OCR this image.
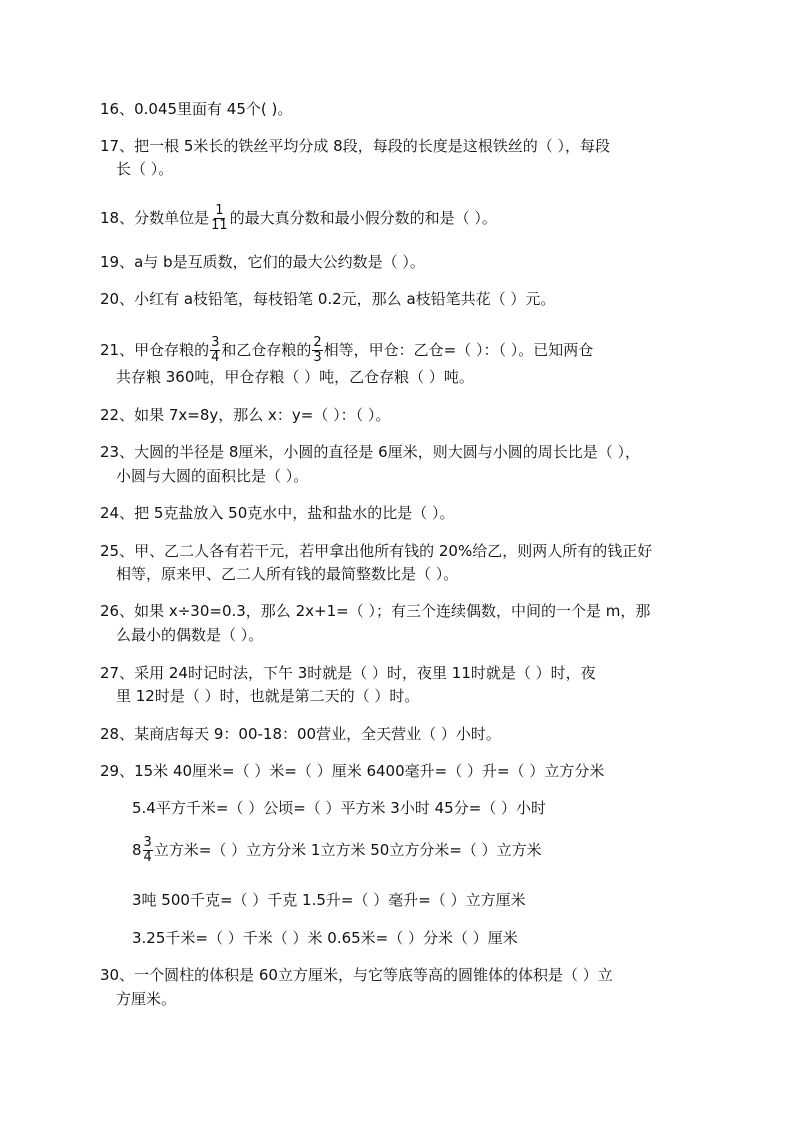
16、0.045里面有 45个( )。
17、把一根 5米长的铁丝平均分成 8段，每段的长度是这根铁丝的（ ），每段
长（ ）。
18、分数单位是 $\frac{1}{11}$ 的最大真分数和最小假分数的和是（ ）。
19、a与 b是互质数，它们的最大公约数是（ ）。
20、小红有 a枝铅笔，每枝铅笔 0.2元，那么 a枝铅笔共花（ ）元。
21、甲仓存粮的 $\frac{3}{4}$ 和乙仓存粮的 $\frac{2}{3}$ 相等，甲仓：乙仓=（ ）：（ ）。已知两仓
共存粮 360吨，甲仓存粮（ ）吨，乙仓存粮（ ）吨。
22、如果 7x=8y，那么 x：y=（ ）：（ ）。
23、大圆的半径是 8厘米，小圆的直径是 6厘米，则大圆与小圆的周长比是（ ），
小圆与大圆的面积比是（ ）。
24、把 5克盐放入 50克水中，盐和盐水的比是（ ）。
25、甲、乙二人各有若干元，若甲拿出他所有钱的 20%给乙，则两人所有的钱正好
相等，原来甲、乙二人所有钱的最简整数比是（ ）。
26、如果 x÷30=0.3，那么 2x+1=（ ）；有三个连续偶数，中间的一个是 m，那
么最小的偶数是（ ）。
27、采用 24时记时法，下午 3时就是（ ）时，夜里 11时就是（ ）时，夜
里 12时是（ ）时，也就是第二天的（ ）时。
28、某商店每天 9：00-18：00营业，全天营业（ ）小时。
29、15米 40厘米=（ ）米=（ ）厘米 6400毫升=（ ）升=（ ）立方分米
5.4平方千米=（ ）公顷=（ ）平方米 3小时 45分=（ ）小时
$8 \frac{3}{4}$ 立方米=（ ）立方分米 1立方米 50立方分米=（ ）立方米
3吨 500千克=（ ）千克 1.5升=（ ）毫升=（ ）立方厘米
3.25千米=（ ）千米（ ）米 0.65米=（ ）分米（ ）厘米
30、一个圆柱的体积是 60立方厘米，与它等底等高的圆锥体的体积是（ ）立
方厘米。
